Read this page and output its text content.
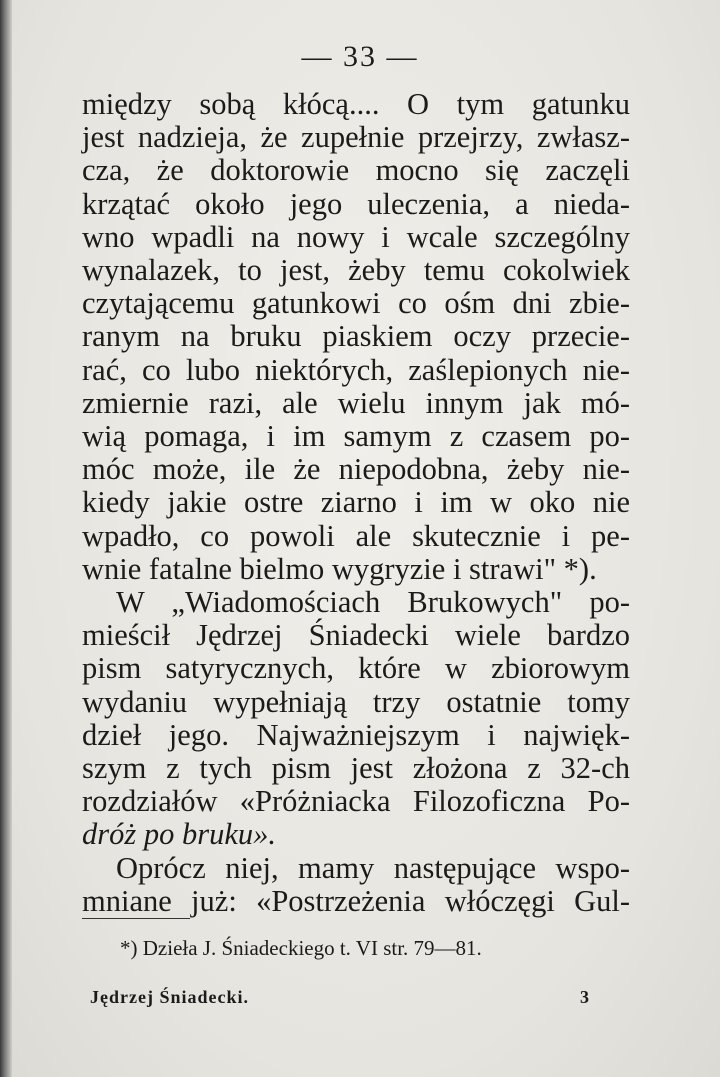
— 33 —
między sobą kłócą.... O tym gatunku
jest nadzieja, że zupełnie przejrzy, zwłasz-
cza, że doktorowie mocno się zaczęli
krzątać około jego uleczenia, a nieda-
wno wpadli na nowy i wcale szczególny
wynalazek, to jest, żeby temu cokolwiek
czytającemu gatunkowi co ośm dni zbie-
ranym na bruku piaskiem oczy przecie-
rać, co lubo niektórych, zaślepionych nie-
zmiernie razi, ale wielu innym jak mó-
wią pomaga, i im samym z czasem po-
móc może, ile że niepodobna, żeby nie-
kiedy jakie ostre ziarno i im w oko nie
wpadło, co powoli ale skutecznie i pe-
wnie fatalne bielmo wygryzie i strawi" *).
W „Wiadomościach Brukowych" po-
mieścił Jędrzej Śniadecki wiele bardzo
pism satyrycznych, które w zbiorowym
wydaniu wypełniają trzy ostatnie tomy
dzieł jego. Najważniejszym i najwięk-
szym z tych pism jest złożona z 32-ch
rozdziałów «Próżniacka Filozoficzna Po-
dróż po bruku».
Oprócz niej, mamy następujące wspo-
mniane już: «Postrzeżenia włóczęgi Gul-
*) Dzieła J. Śniadeckiego t. VI str. 79—81.
Jędrzej Śniadecki.	3
